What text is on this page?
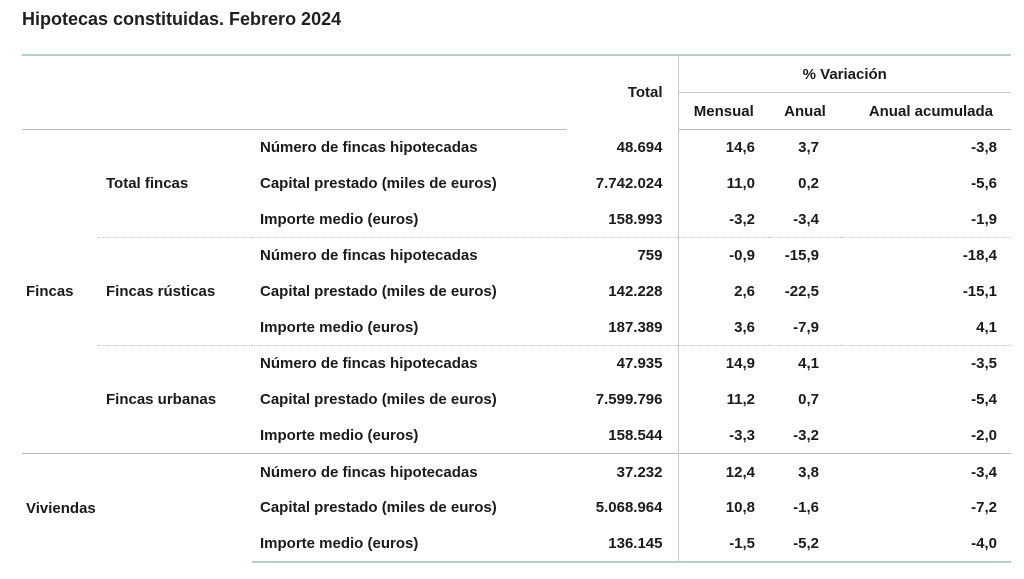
Hipotecas constituidas. Febrero 2024
			Total	% Variación		
				Mensual	Anual	Anual acumulada
Fincas	Total fincas	Número de fincas hipotecadas	48.694	14,6	3,7	-3,8
		Capital prestado (miles de euros)	7.742.024	11,0	0,2	-5,6
		Importe medio (euros)	158.993	-3,2	-3,4	-1,9
	Fincas rústicas	Número de fincas hipotecadas	759	-0,9	-15,9	-18,4
		Capital prestado (miles de euros)	142.228	2,6	-22,5	-15,1
		Importe medio (euros)	187.389	3,6	-7,9	4,1
	Fincas urbanas	Número de fincas hipotecadas	47.935	14,9	4,1	-3,5
		Capital prestado (miles de euros)	7.599.796	11,2	0,7	-5,4
		Importe medio (euros)	158.544	-3,3	-3,2	-2,0
Viviendas		Número de fincas hipotecadas	37.232	12,4	3,8	-3,4
		Capital prestado (miles de euros)	5.068.964	10,8	-1,6	-7,2
		Importe medio (euros)	136.145	-1,5	-5,2	-4,0
